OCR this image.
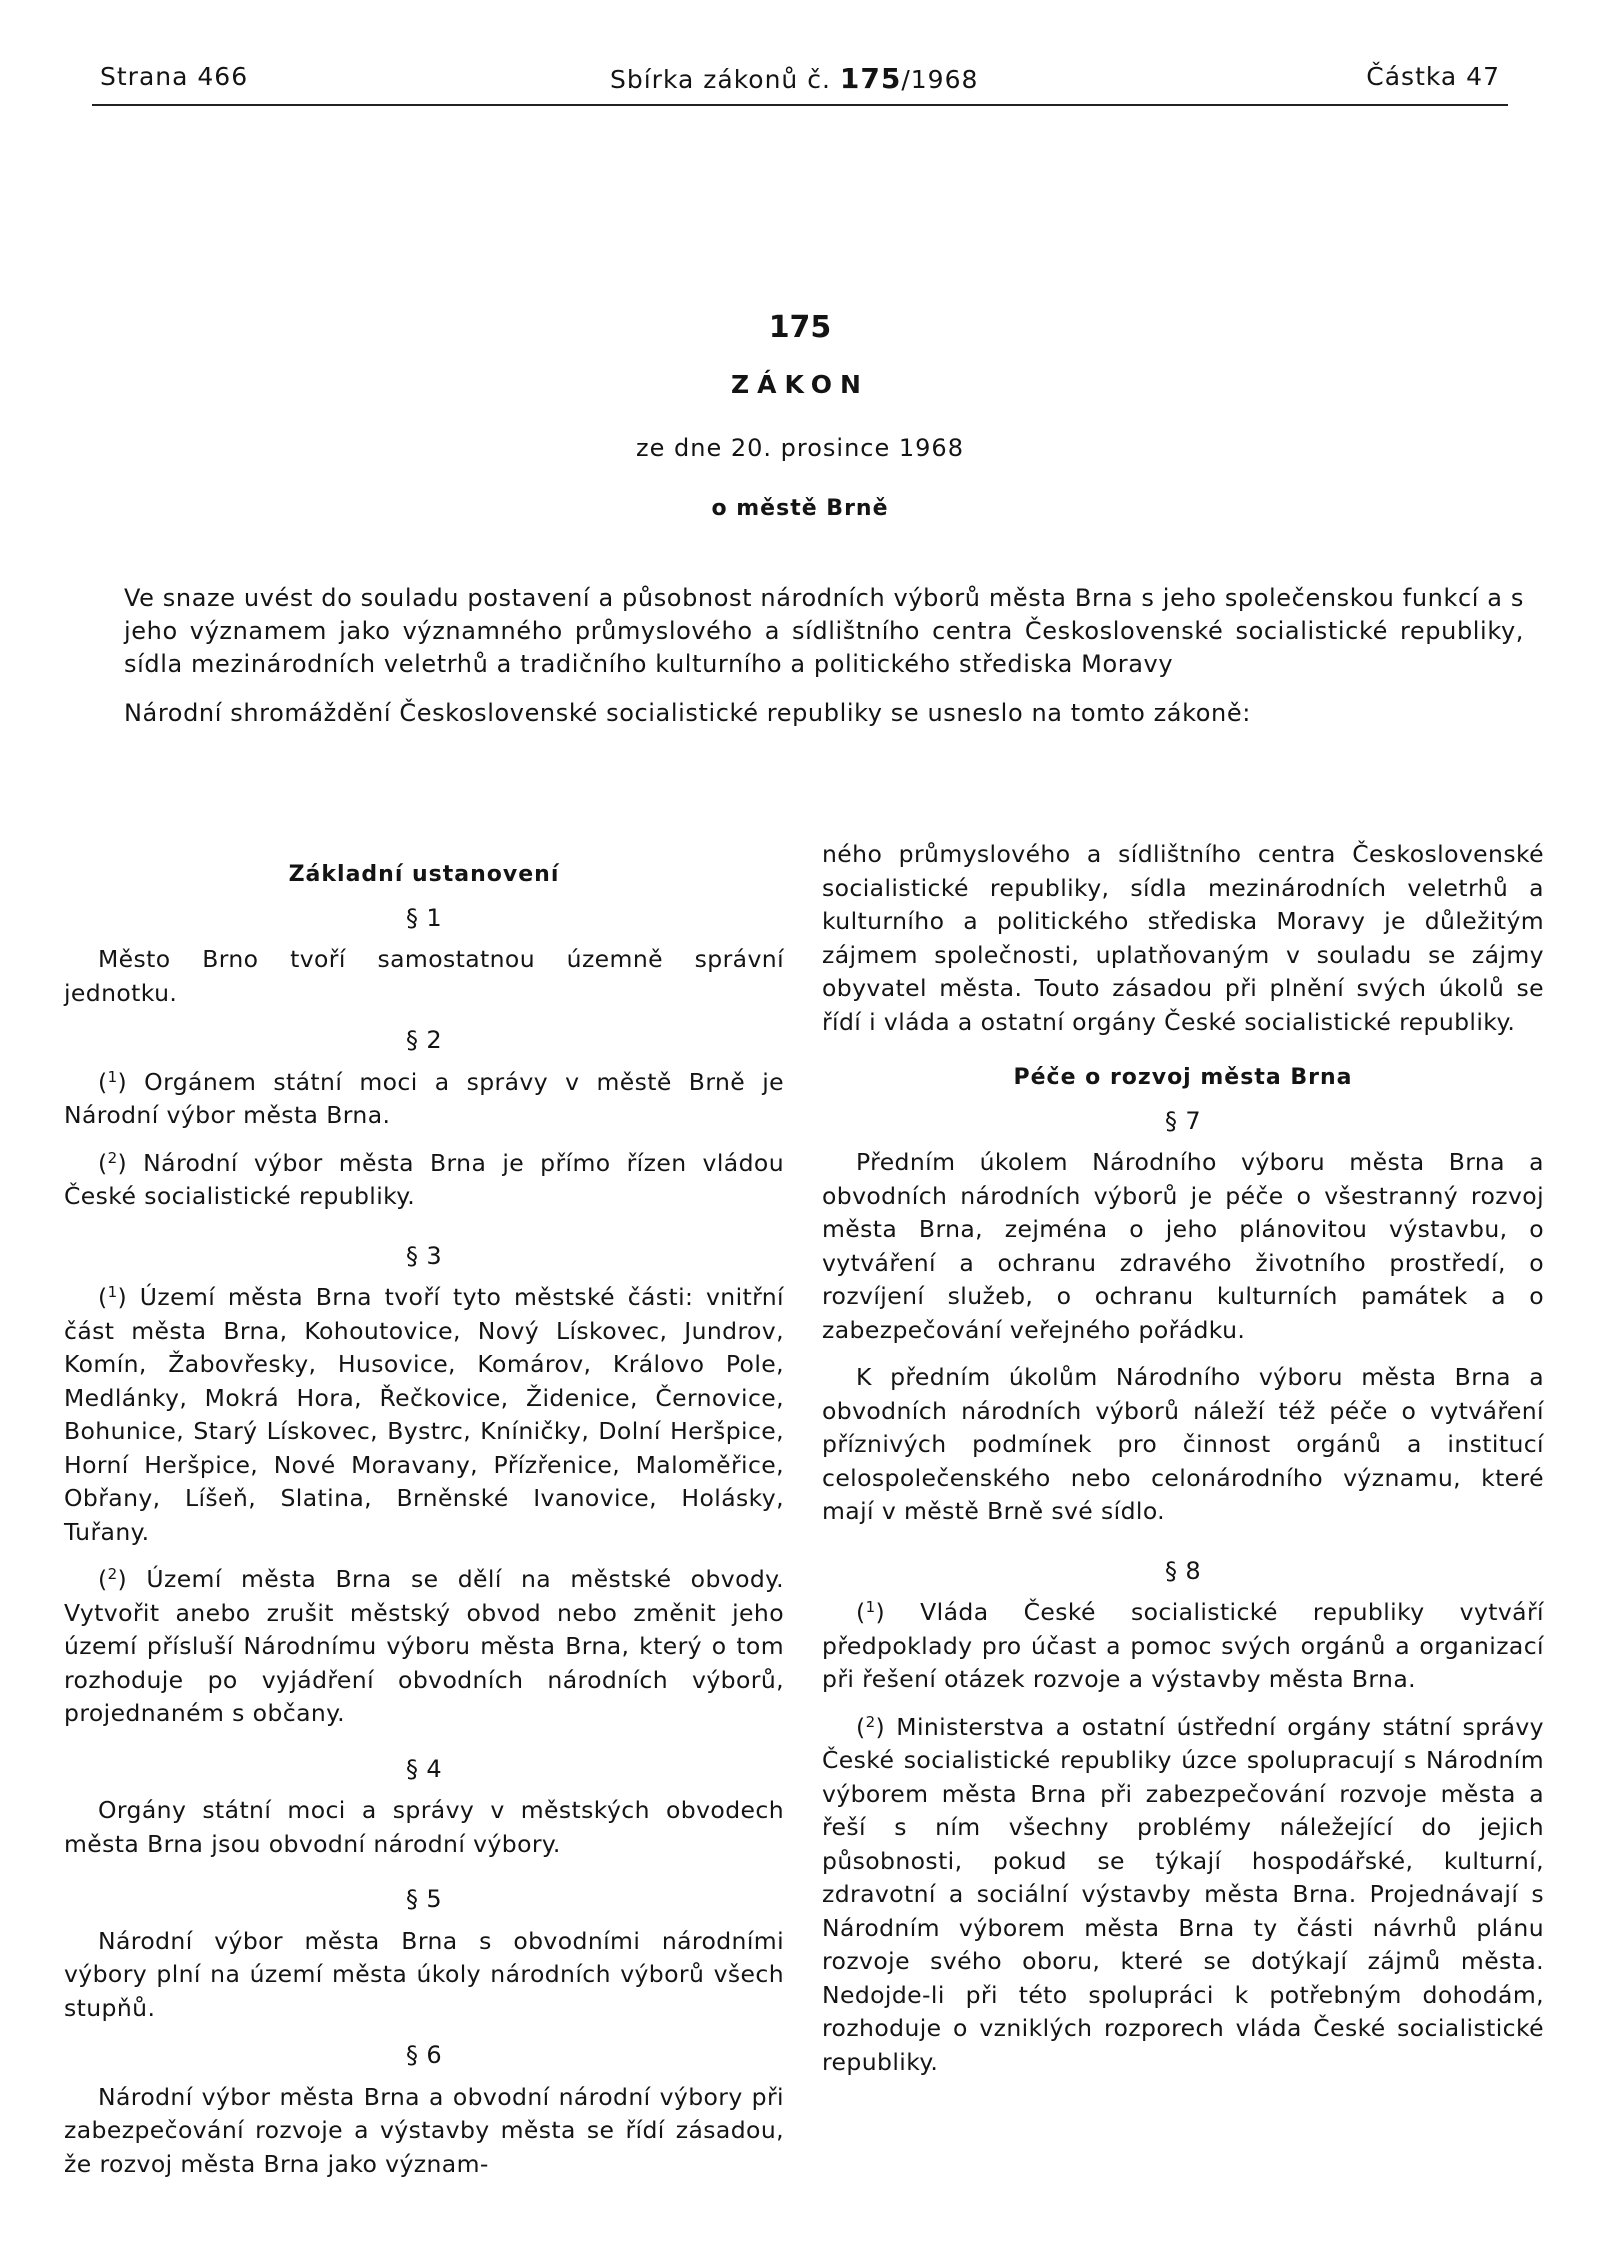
Strana 466	Sbírka zákonů č. 175/1968	Částka 47
175
ZÁKON
ze dne 20. prosince 1968
o městě Brně

Ve snaze uvést do souladu postavení a působnost národních výborů města Brna s jeho společenskou funkcí a s jeho významem jako významného průmyslového a sídlištního centra Československé socialistické republiky, sídla mezinárodních veletrhů a tradičního kulturního a politického střediska Moravy

Národní shromáždění Československé socialistické republiky se usneslo na tomto zákoně:

Základní ustanovení
§ 1

Město Brno tvoří samostatnou územně správní jednotku.

§ 2

($^1$) Orgánem státní moci a správy v městě Brně je Národní výbor města Brna.

($^2$) Národní výbor města Brna je přímo řízen vládou České socialistické republiky.

§ 3

($^1$) Území města Brna tvoří tyto městské části: vnitřní část města Brna, Kohoutovice, Nový Lískovec, Jundrov, Komín, Žabovřesky, Husovice, Komárov, Královo Pole, Medlánky, Mokrá Hora, Řečkovice, Židenice, Černovice, Bohunice, Starý Lískovec, Bystrc, Kníničky, Dolní Heršpice, Horní Heršpice, Nové Moravany, Přízřenice, Maloměřice, Obřany, Líšeň, Slatina, Brněnské Ivanovice, Holásky, Tuřany.

($^2$) Území města Brna se dělí na městské obvody. Vytvořit anebo zrušit městský obvod nebo změnit jeho území přísluší Národnímu výboru města Brna, který o tom rozhoduje po vyjádření obvodních národních výborů, projednaném s občany.

§ 4

Orgány státní moci a správy v městských obvodech města Brna jsou obvodní národní výbory.

§ 5

Národní výbor města Brna s obvodními národními výbory plní na území města úkoly národních výborů všech stupňů.

§ 6

Národní výbor města Brna a obvodní národní výbory při zabezpečování rozvoje a výstavby města se řídí zásadou, že rozvoj města Brna jako význam-

ného průmyslového a sídlištního centra Československé socialistické republiky, sídla mezinárodních veletrhů a kulturního a politického střediska Moravy je důležitým zájmem společnosti, uplatňovaným v souladu se zájmy obyvatel města. Touto zásadou při plnění svých úkolů se řídí i vláda a ostatní orgány České socialistické republiky.

Péče o rozvoj města Brna
§ 7

Předním úkolem Národního výboru města Brna a obvodních národních výborů je péče o všestranný rozvoj města Brna, zejména o jeho plánovitou výstavbu, o vytváření a ochranu zdravého životního prostředí, o rozvíjení služeb, o ochranu kulturních památek a o zabezpečování veřejného pořádku.

K předním úkolům Národního výboru města Brna a obvodních národních výborů náleží též péče o vytváření příznivých podmínek pro činnost orgánů a institucí celospolečenského nebo celonárodního významu, které mají v městě Brně své sídlo.

§ 8

($^1$) Vláda České socialistické republiky vytváří předpoklady pro účast a pomoc svých orgánů a organizací při řešení otázek rozvoje a výstavby města Brna.

($^2$) Ministerstva a ostatní ústřední orgány státní správy České socialistické republiky úzce spolupracují s Národním výborem města Brna při zabezpečování rozvoje města a řeší s ním všechny problémy náležející do jejich působnosti, pokud se týkají hospodářské, kulturní, zdravotní a sociální výstavby města Brna. Projednávají s Národním výborem města Brna ty části návrhů plánu rozvoje svého oboru, které se dotýkají zájmů města. Nedojde-li při této spolupráci k potřebným dohodám, rozhoduje o vzniklých rozporech vláda České socialistické republiky.
